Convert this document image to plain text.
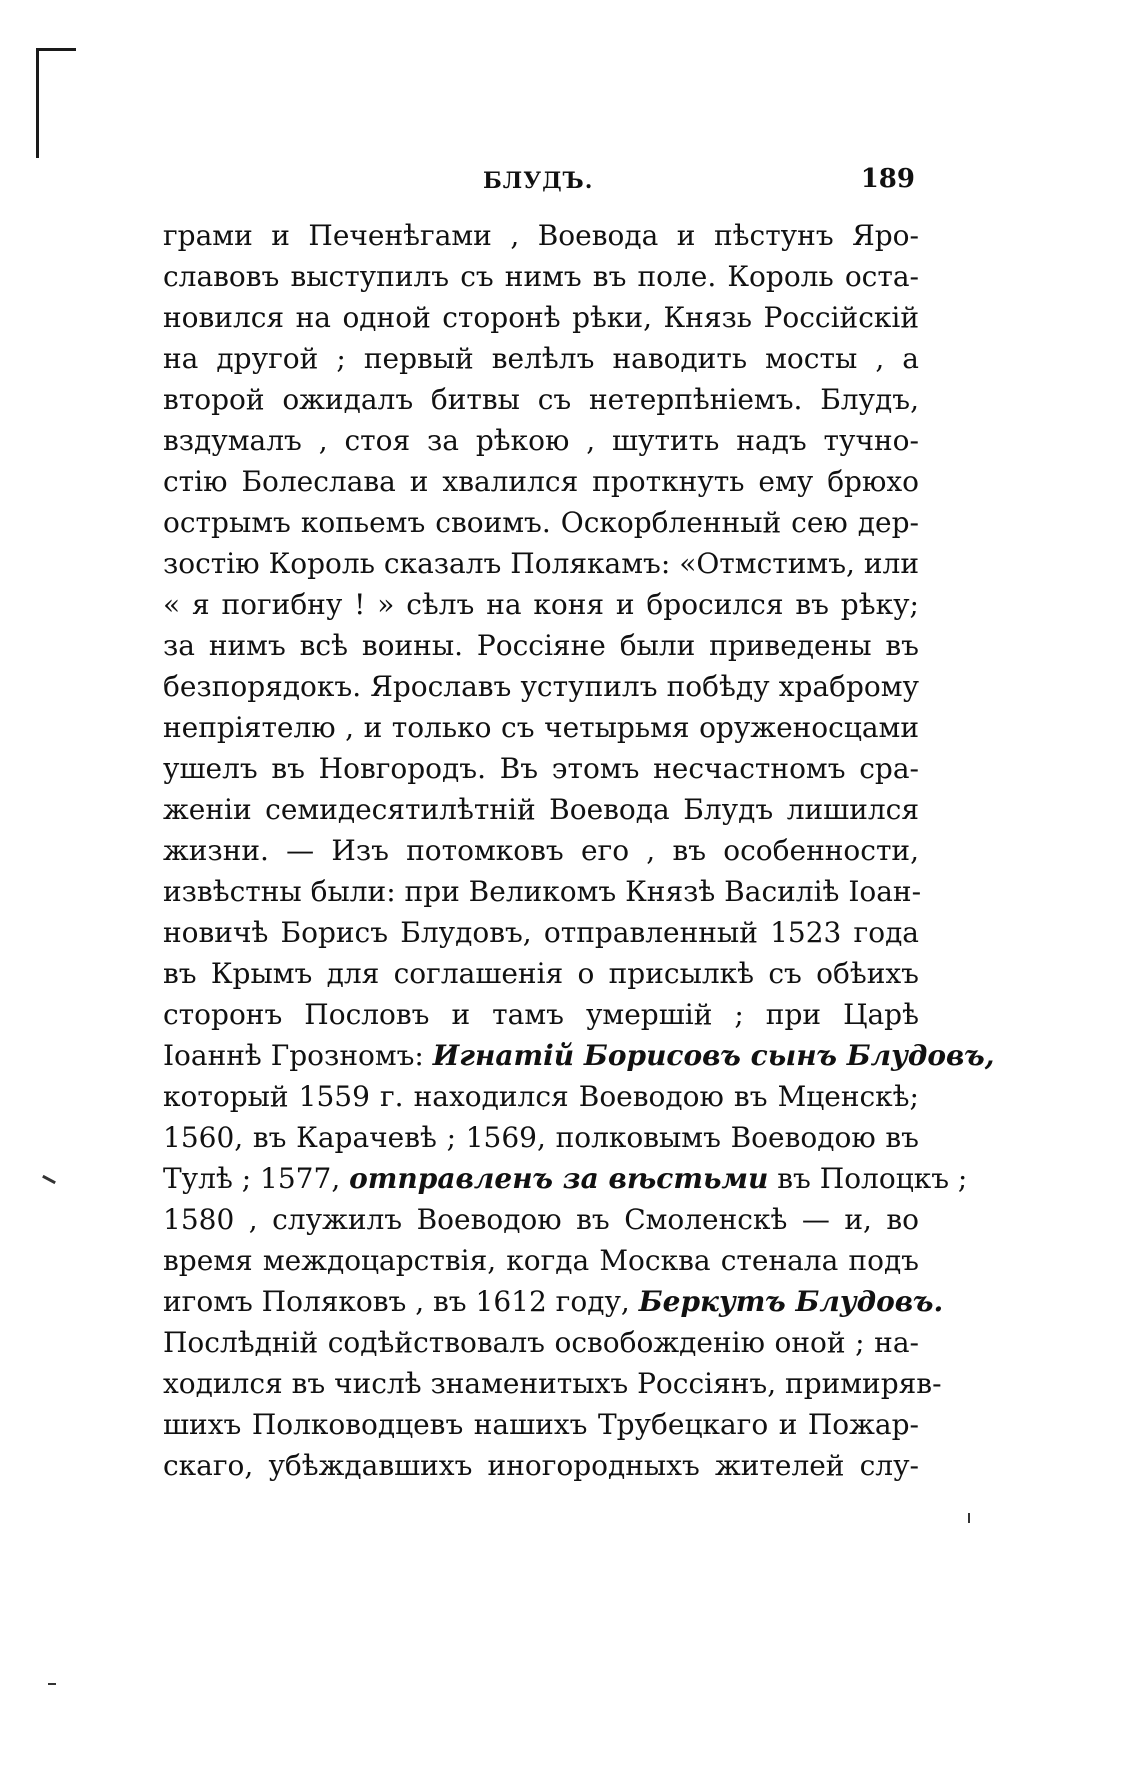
БЛУДЪ.	189
грами и Печенѣгами , Воевода и пѣстунъ Яро-
славовъ выступилъ съ нимъ въ поле. Король оста-
новился на одной сторонѣ рѣки, Князь Россійскій
на другой ; первый велѣлъ наводить мосты , а
второй ожидалъ битвы съ нетерпѣніемъ. Блудъ,
вздумалъ , стоя за рѣкою , шутить надъ тучно-
стію Болеслава и хвалился проткнуть ему брюхо
острымъ копьемъ своимъ. Оскорбленный сею дер-
зостію Король сказалъ Полякамъ: «Отмстимъ, или
« я погибну ! » сѣлъ на коня и бросился въ рѣку;
за нимъ всѣ воины. Россіяне были приведены въ
безпорядокъ. Ярославъ уступилъ побѣду храброму
непріятелю , и только съ четырьмя оруженосцами
ушелъ въ Новгородъ. Въ этомъ несчастномъ сра-
женіи семидесятилѣтній Воевода Блудъ лишился
жизни. — Изъ потомковъ его , въ особенности,
извѣстны были: при Великомъ Князѣ Василіѣ Іоан-
новичѣ Борисъ Блудовъ, отправленный 1523 года
въ Крымъ для соглашенія о присылкѣ съ обѣихъ
сторонъ Пословъ и тамъ умершій ; при Царѣ
Іоаннѣ Грозномъ: Игнатій Борисовъ сынъ Блудовъ,
который 1559 г. находился Воеводою въ Мценскѣ;
1560, въ Карачевѣ ; 1569, полковымъ Воеводою въ
Тулѣ ; 1577, отправленъ за вѣстьми въ Полоцкъ ;
1580 , служилъ Воеводою въ Смоленскѣ — и, во
время междоцарствія, когда Москва стенала подъ
игомъ Поляковъ , въ 1612 году, Беркутъ Блудовъ.
Послѣдній содѣйствовалъ освобожденію оной ; на-
ходился въ числѣ знаменитыхъ Россіянъ, примиряв-
шихъ Полководцевъ нашихъ Трубецкаго и Пожар-
скаго, убѣждавшихъ иногородныхъ жителей слу-
